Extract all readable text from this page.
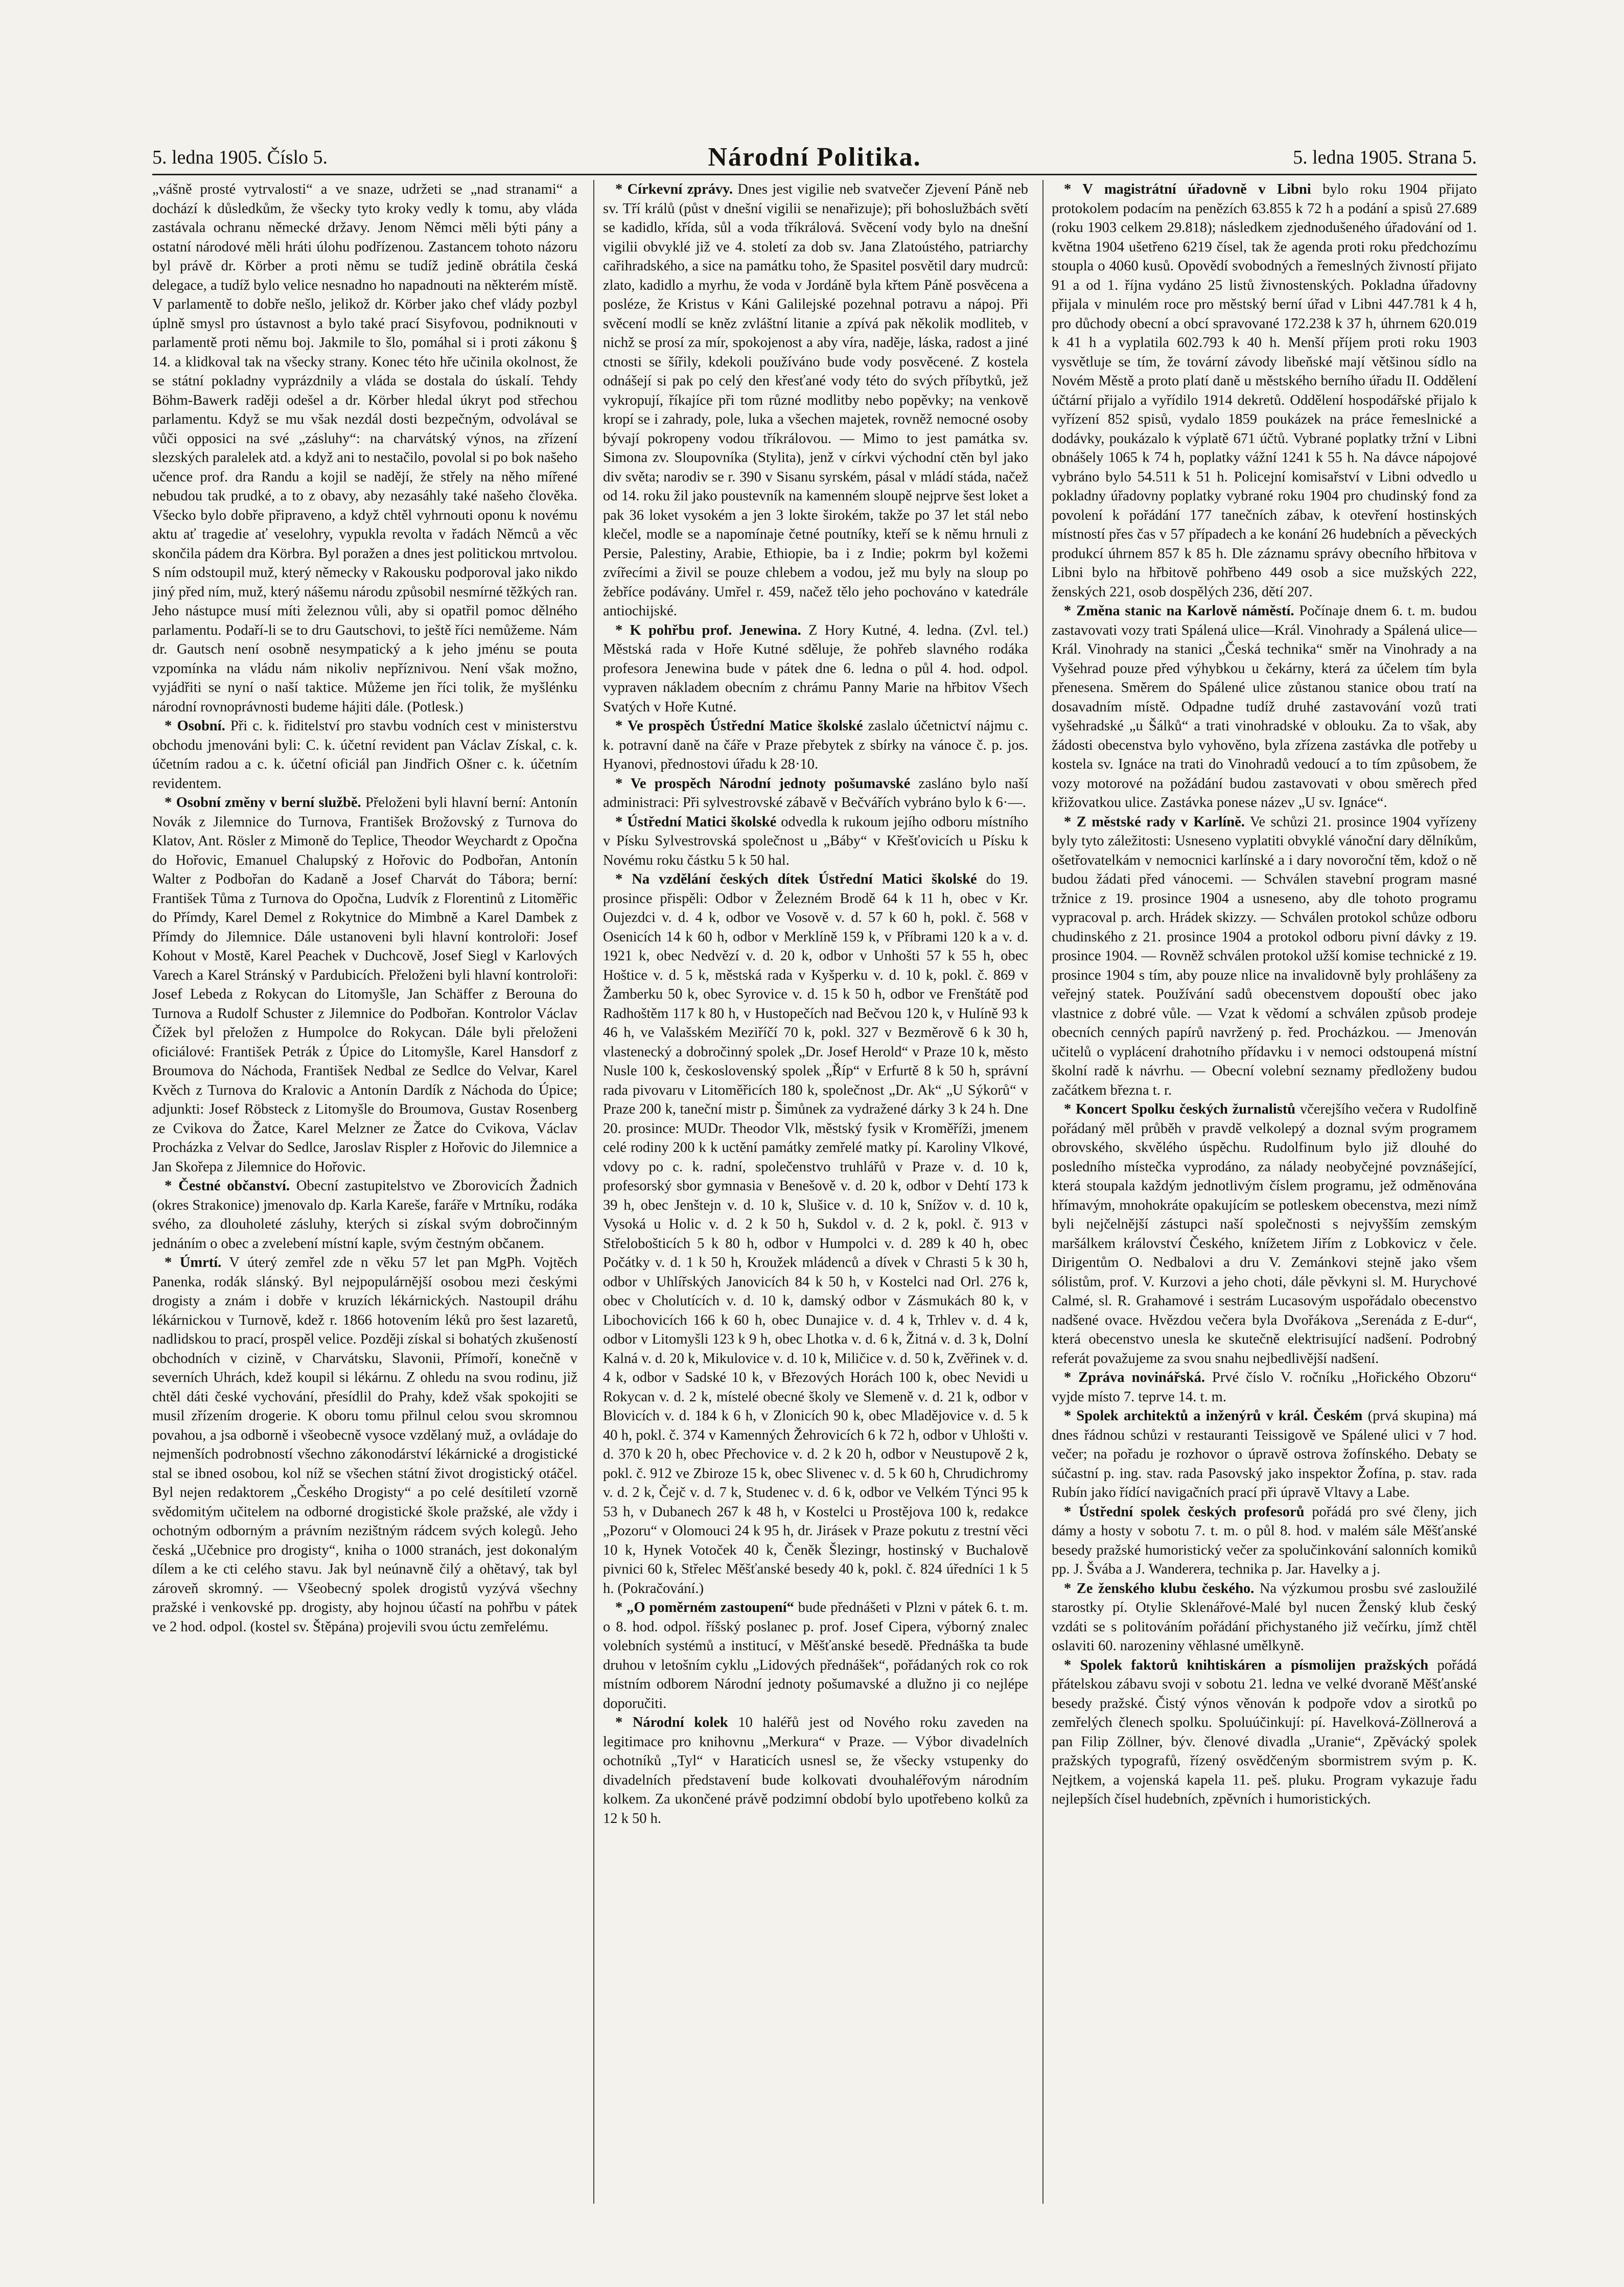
5. ledna 1905. Číslo 5.	Národní Politika.	5. ledna 1905. Strana 5.

„vášně prosté vytrvalosti“ a ve snaze, udržeti se „nad stranami“ a dochází k důsledkům, že všecky tyto kroky vedly k tomu, aby vláda zastávala ochranu německé državy. Jenom Němci měli býti pány a ostatní národové měli hráti úlohu podřízenou. Zastancem tohoto názoru byl právě dr. Körber a proti němu se tudíž jedině obrátila česká delegace, a tudíž bylo velice nesnadno ho napadnouti na některém místě. V parlamentě to dobře nešlo, jelikož dr. Körber jako chef vlády pozbyl úplně smysl pro ústavnost a bylo také prací Sisyfovou, podniknouti v parlamentě proti němu boj. Jakmile to šlo, pomáhal si i proti zákonu § 14. a klidkoval tak na všecky strany. Konec této hře učinila okolnost, že se státní pokladny vyprázdnily a vláda se dostala do úskalí. Tehdy Böhm-Bawerk raději odešel a dr. Körber hledal úkryt pod střechou parlamentu. Když se mu však nezdál dosti bezpečným, odvolával se vůči opposici na své „zásluhy“: na charvátský výnos, na zřízení slezských paralelek atd. a když ani to nestačilo, povolal si po bok našeho učence prof. dra Randu a kojil se nadějí, že střely na něho mířené nebudou tak prudké, a to z obavy, aby nezasáhly také našeho člověka. Všecko bylo dobře připraveno, a když chtěl vyhrnouti oponu k novému aktu ať tragedie ať veselohry, vypukla revolta v řadách Němců a věc skončila pádem dra Körbra. Byl poražen a dnes jest politickou mrtvolou. S ním odstoupil muž, který německy v Rakousku podporoval jako nikdo jiný před ním, muž, který nášemu národu způsobil nesmírné těžkých ran. Jeho nástupce musí míti železnou vůli, aby si opatřil pomoc dělného parlamentu. Podaří-li se to dru Gautschovi, to ještě říci nemůžeme. Nám dr. Gautsch není osobně nesympatický a k jeho jménu se pouta vzpomínka na vládu nám nikoliv nepříznivou. Není však možno, vyjádřiti se nyní o naší taktice. Můžeme jen říci tolik, že myšlénku národní rovnoprávnosti budeme hájiti dále. (Potlesk.)

* Osobní. Při c. k. řiditelství pro stavbu vodních cest v ministerstvu obchodu jmenováni byli: C. k. účetní revident pan Václav Získal, c. k. účetním radou a c. k. účetní oficiál pan Jindřich Ošner c. k. účetním revidentem.

* Osobní změny v berní službě. Přeloženi byli hlavní berní: Antonín Novák z Jilemnice do Turnova, František Brožovský z Turnova do Klatov, Ant. Rösler z Mimoně do Teplice, Theodor Weychardt z Opočna do Hořovic, Emanuel Chalupský z Hořovic do Podbořan, Antonín Walter z Podbořan do Kadaně a Josef Charvát do Tábora; berní: František Tůma z Turnova do Opočna, Ludvík z Florentinů z Litoměřic do Přímdy, Karel Demel z Rokytnice do Mimbně a Karel Dambek z Přímdy do Jilemnice. Dále ustanoveni byli hlavní kontroloři: Josef Kohout v Mostě, Karel Peachek v Duchcově, Josef Siegl v Karlových Varech a Karel Stránský v Pardubicích. Přeloženi byli hlavní kontroloři: Josef Lebeda z Rokycan do Litomyšle, Jan Schäffer z Berouna do Turnova a Rudolf Schuster z Jilemnice do Podbořan. Kontrolor Václav Čížek byl přeložen z Humpolce do Rokycan. Dále byli přeloženi oficiálové: František Petrák z Úpice do Litomyšle, Karel Hansdorf z Broumova do Náchoda, František Nedbal ze Sedlce do Velvar, Karel Kvěch z Turnova do Kralovic a Antonín Dardík z Náchoda do Úpice; adjunkti: Josef Röbsteck z Litomyšle do Broumova, Gustav Rosenberg ze Cvikova do Žatce, Karel Melzner ze Žatce do Cvikova, Václav Procházka z Velvar do Sedlce, Jaroslav Rispler z Hořovic do Jilemnice a Jan Skořepa z Jilemnice do Hořovic.

* Čestné občanství. Obecní zastupitelstvo ve Zborovicích Žadnich (okres Strakonice) jmenovalo dp. Karla Kareše, faráře v Mrtníku, rodáka svého, za dlouholeté zásluhy, kterých si získal svým dobročinným jednáním o obec a zvelebení místní kaple, svým čestným občanem.

* Úmrtí. V úterý zemřel zde n věku 57 let pan MgPh. Vojtěch Panenka, rodák slánský. Byl nejpopulárnější osobou mezi českými drogisty a znám i dobře v kruzích lékárnických. Nastoupil dráhu lékárnickou v Turnově, kdež r. 1866 hotovením léků pro šest lazaretů, nadlidskou to prací, prospěl velice. Později získal si bohatých zkušeností obchodních v cizině, v Charvátsku, Slavonii, Přímoří, konečně v severních Uhrách, kdež koupil si lékárnu. Z ohledu na svou rodinu, již chtěl dáti české vychování, přesídlil do Prahy, kdež však spokojiti se musil zřízením drogerie. K oboru tomu přilnul celou svou skromnou povahou, a jsa odborně i všeobecně vysoce vzdělaný muž, a ovládaje do nejmenších podrobností všechno zákonodárství lékárnické a drogistické stal se ibned osobou, kol níž se všechen státní život drogistický otáčel. Byl nejen redaktorem „Českého Drogisty“ a po celé desítiletí vzorně svědomitým učitelem na odborné drogistické škole pražské, ale vždy i ochotným odborným a právním nezištným rádcem svých kolegů. Jeho česká „Učebnice pro drogisty“, kniha o 1000 stranách, jest dokonalým dílem a ke cti celého stavu. Jak byl neúnavně čilý a ohětavý, tak byl zároveň skromný. — Všeobecný spolek drogistů vyzývá všechny pražské i venkovské pp. drogisty, aby hojnou účastí na pohřbu v pátek ve 2 hod. odpol. (kostel sv. Štěpána) projevili svou úctu zemřelému.

* Církevní zprávy. Dnes jest vigilie neb svatvečer Zjevení Páně neb sv. Tří králů (půst v dnešní vigilii se nenařizuje); při bohoslužbách světí se kadidlo, křída, sůl a voda tříkrálová. Svěcení vody bylo na dnešní vigilii obvyklé již ve 4. století za dob sv. Jana Zlatoústého, patriarchy cařihradského, a sice na památku toho, že Spasitel posvětil dary mudrců: zlato, kadidlo a myrhu, že voda v Jordáně byla křtem Páně posvěcena a posléze, že Kristus v Káni Galilejské pozehnal potravu a nápoj. Při svěcení modlí se kněz zvláštní litanie a zpívá pak několik modliteb, v nichž se prosí za mír, spokojenost a aby víra, naděje, láska, radost a jiné ctnosti se šířily, kdekoli používáno bude vody posvěcené. Z kostela odnášejí si pak po celý den křesťané vody této do svých příbytků, jež vykropují, říkajíce při tom různé modlitby nebo popěvky; na venkově kropí se i zahrady, pole, luka a všechen majetek, rovněž nemocné osoby bývají pokropeny vodou tříkrálovou. — Mimo to jest památka sv. Simona zv. Sloupovníka (Stylita), jenž v církvi východní ctěn byl jako div světa; narodiv se r. 390 v Sisanu syrském, pásal v mládí stáda, načež od 14. roku žil jako poustevník na kamenném sloupě nejprve šest loket a pak 36 loket vysokém a jen 3 lokte širokém, takže po 37 let stál nebo klečel, modle se a napomínaje četné poutníky, kteří se k němu hrnuli z Persie, Palestiny, Arabie, Ethiopie, ba i z Indie; pokrm byl kožemi zvířecími a živil se pouze chlebem a vodou, jež mu byly na sloup po žebříce podávány. Umřel r. 459, načež tělo jeho pochováno v katedrále antiochijské.

* K pohřbu prof. Jenewina. Z Hory Kutné, 4. ledna. (Zvl. tel.) Městská rada v Hoře Kutné sděluje, že pohřeb slavného rodáka profesora Jenewina bude v pátek dne 6. ledna o půl 4. hod. odpol. vypraven nákladem obecním z chrámu Panny Marie na hřbitov Všech Svatých v Hoře Kutné.

* Ve prospěch Ústřední Matice školské zaslalo účetnictví nájmu c. k. potravní daně na čáře v Praze přebytek z sbírky na vánoce č. p. jos. Hyanovi, přednostovi úřadu k 28·10.

* Ve prospěch Národní jednoty pošumavské zasláno bylo naší administraci: Při sylvestrovské zábavě v Bečvářích vybráno bylo k 6·—.

* Ústřední Matici školské odvedla k rukoum jejího odboru místního v Písku Sylvestrovská společnost u „Báby“ v Křešťovicích u Písku k Novému roku částku 5 k 50 hal.

* Na vzdělání českých dítek Ústřední Matici školské do 19. prosince přispěli: Odbor v Železném Brodě 64 k 11 h, obec v Kr. Oujezdci v. d. 4 k, odbor ve Vosově v. d. 57 k 60 h, pokl. č. 568 v Osenicích 14 k 60 h, odbor v Merklíně 159 k, v Příbrami 120 k a v. d. 1921 k, obec Nedvězí v. d. 20 k, odbor v Unhošti 57 k 55 h, obec Hoštice v. d. 5 k, městská rada v Kyšperku v. d. 10 k, pokl. č. 869 v Žamberku 50 k, obec Syrovice v. d. 15 k 50 h, odbor ve Frenštátě pod Radhoštěm 117 k 80 h, v Hustopečích nad Bečvou 120 k, v Hulíně 93 k 46 h, ve Valašském Meziříčí 70 k, pokl. 327 v Bezměrově 6 k 30 h, vlastenecký a dobročinný spolek „Dr. Josef Herold“ v Praze 10 k, město Nusle 100 k, československý spolek „Říp“ v Erfurtě 8 k 50 h, správní rada pivovaru v Litoměřicích 180 k, společnost „Dr. Ak“ „U Sýkorů“ v Praze 200 k, taneční mistr p. Šimůnek za vydražené dárky 3 k 24 h. Dne 20. prosince: MUDr. Theodor Vlk, městský fysik v Kroměříži, jmenem celé rodiny 200 k k uctění památky zemřelé matky pí. Karoliny Vlkové, vdovy po c. k. radní, společenstvo truhlářů v Praze v. d. 10 k, profesorský sbor gymnasia v Benešově v. d. 20 k, odbor v Dehtí 173 k 39 h, obec Jenštejn v. d. 10 k, Slušice v. d. 10 k, Snížov v. d. 10 k, Vysoká u Holic v. d. 2 k 50 h, Sukdol v. d. 2 k, pokl. č. 913 v Střelobošticích 5 k 80 h, odbor v Humpolci v. d. 289 k 40 h, obec Počátky v. d. 1 k 50 h, Kroužek mládenců a dívek v Chrasti 5 k 30 h, odbor v Uhlířských Janovicích 84 k 50 h, v Kostelci nad Orl. 276 k, obec v Cholutících v. d. 10 k, damský odbor v Zásmukách 80 k, v Libochovicích 166 k 60 h, obec Dunajice v. d. 4 k, Trhlev v. d. 4 k, odbor v Litomyšli 123 k 9 h, obec Lhotka v. d. 6 k, Žitná v. d. 3 k, Dolní Kalná v. d. 20 k, Mikulovice v. d. 10 k, Miličice v. d. 50 k, Zvěřinek v. d. 4 k, odbor v Sadské 10 k, v Březových Horách 100 k, obec Nevidi u Rokycan v. d. 2 k, místelé obecné školy ve Slemeně v. d. 21 k, odbor v Blovicích v. d. 184 k 6 h, v Zlonicích 90 k, obec Mladějovice v. d. 5 k 40 h, pokl. č. 374 v Kamenných Žehrovicích 6 k 72 h, odbor v Uhlošti v. d. 370 k 20 h, obec Přechovice v. d. 2 k 20 h, odbor v Neustupově 2 k, pokl. č. 912 ve Zbiroze 15 k, obec Slivenec v. d. 5 k 60 h, Chrudichromy v. d. 2 k, Čejč v. d. 7 k, Studenec v. d. 6 k, odbor ve Velkém Týnci 95 k 53 h, v Dubanech 267 k 48 h, v Kostelci u Prostějova 100 k, redakce „Pozoru“ v Olomouci 24 k 95 h, dr. Jirásek v Praze pokutu z trestní věci 10 k, Hynek Votoček 40 k, Čeněk Šlezingr, hostinský v Buchalově pivnici 60 k, Střelec Měšťanské besedy 40 k, pokl. č. 824 úředníci 1 k 5 h. (Pokračování.)

* „O poměrném zastoupení“ bude přednášeti v Plzni v pátek 6. t. m. o 8. hod. odpol. říšský poslanec p. prof. Josef Cipera, výborný znalec volebních systémů a institucí, v Měšťanské besedě. Přednáška ta bude druhou v letošním cyklu „Lidových přednášek“, pořádaných rok co rok místním odborem Národní jednoty pošumavské a dlužno ji co nejlépe doporučiti.

* Národní kolek 10 haléřů jest od Nového roku zaveden na legitimace pro knihovnu „Merkura“ v Praze. — Výbor divadelních ochotníků „Tyl“ v Haraticích usnesl se, že všecky vstupenky do divadelních představení bude kolkovati dvouhaléřovým národním kolkem. Za ukončené právě podzimní období bylo upotřebeno kolků za 12 k 50 h.

* V magistrátní úřadovně v Libni bylo roku 1904 přijato protokolem podacím na penězích 63.855 k 72 h a podání a spisů 27.689 (roku 1903 celkem 29.818); následkem zjednodušeného úřadování od 1. května 1904 ušetřeno 6219 čísel, tak že agenda proti roku předchozímu stoupla o 4060 kusů. Opovědí svobodných a řemeslných živností přijato 91 a od 1. října vydáno 25 listů živnostenských. Pokladna úřadovny přijala v minulém roce pro městský berní úřad v Libni 447.781 k 4 h, pro důchody obecní a obcí spravované 172.238 k 37 h, úhrnem 620.019 k 41 h a vyplatila 602.793 k 40 h. Menší příjem proti roku 1903 vysvětluje se tím, že tovární závody libeňské mají většinou sídlo na Novém Městě a proto platí daně u městského berního úřadu II. Oddělení účtární přijalo a vyřídilo 1914 dekretů. Oddělení hospodářské přijalo k vyřízení 852 spisů, vydalo 1859 poukázek na práce řemeslnické a dodávky, poukázalo k výplatě 671 účtů. Vybrané poplatky tržní v Libni obnášely 1065 k 74 h, poplatky vážní 1241 k 55 h. Na dávce nápojové vybráno bylo 54.511 k 51 h. Policejní komisařství v Libni odvedlo u pokladny úřadovny poplatky vybrané roku 1904 pro chudinský fond za povolení k pořádání 177 tanečních zábav, k otevření hostinských místností přes čas v 57 případech a ke konání 26 hudebních a pěveckých produkcí úhrnem 857 k 85 h. Dle záznamu správy obecního hřbitova v Libni bylo na hřbitově pohřbeno 449 osob a sice mužských 222, ženských 221, osob dospělých 236, dětí 207.

* Změna stanic na Karlově náměstí. Počínaje dnem 6. t. m. budou zastavovati vozy trati Spálená ulice—Král. Vinohrady a Spálená ulice—Král. Vinohrady na stanici „Česká technika“ směr na Vinohrady a na Vyšehrad pouze před výhybkou u čekárny, která za účelem tím byla přenesena. Směrem do Spálené ulice zůstanou stanice obou tratí na dosavadním místě. Odpadne tudíž druhé zastavování vozů trati vyšehradské „u Šálků“ a trati vinohradské v oblouku. Za to však, aby žádosti obecenstva bylo vyhověno, byla zřízena zastávka dle potřeby u kostela sv. Ignáce na trati do Vinohradů vedoucí a to tím způsobem, že vozy motorové na požádání budou zastavovati v obou směrech před křižovatkou ulice. Zastávka ponese název „U sv. Ignáce“.

* Z městské rady v Karlíně. Ve schůzi 21. prosince 1904 vyřízeny byly tyto záležitosti: Usneseno vyplatiti obvyklé vánoční dary dělníkům, ošetřovatelkám v nemocnici karlínské a i dary novoroční těm, kdož o ně budou žádati před vánocemi. — Schválen stavební program masné tržnice z 19. prosince 1904 a usneseno, aby dle tohoto programu vypracoval p. arch. Hrádek skizzy. — Schválen protokol schůze odboru chudinského z 21. prosince 1904 a protokol odboru pivní dávky z 19. prosince 1904. — Rovněž schválen protokol užší komise technické z 19. prosince 1904 s tím, aby pouze nlice na invalidovně byly prohlášeny za veřejný statek. Používání sadů obecenstvem dopouští obec jako vlastnice z dobré vůle. — Vzat k vědomí a schválen způsob prodeje obecních cenných papírů navržený p. řed. Procházkou. — Jmenován učitelů o vyplácení drahotního přídavku i v nemoci odstoupená místní školní radě k návrhu. — Obecní volební seznamy předloženy budou začátkem března t. r.

* Koncert Spolku českých žurnalistů včerejšího večera v Rudolfině pořádaný měl průběh v pravdě velkolepý a doznal svým programem obrovského, skvělého úspěchu. Rudolfinum bylo již dlouhé do posledního místečka vyprodáno, za nálady neobyčejné povznášející, která stoupala každým jednotlivým číslem programu, jež odměnována hřímavým, mnohokráte opakujícím se potleskem obecenstva, mezi nímž byli nejčelnější zástupci naší společnosti s nejvyšším zemským maršálkem království Českého, knížetem Jiřím z Lobkovicz v čele. Dirigentům O. Nedbalovi a dru V. Zemánkovi stejně jako všem sólistům, prof. V. Kurzovi a jeho choti, dále pěvkyni sl. M. Hurychové Calmé, sl. R. Grahamové i sestrám Lucasovým uspořádalo obecenstvo nadšené ovace. Hvězdou večera byla Dvořákova „Serenáda z E-dur“, která obecenstvo unesla ke skutečně elektrisující nadšení. Podrobný referát považujeme za svou snahu nejbedlivější nadšení.

* Zpráva novinářská. Prvé číslo V. ročníku „Hořického Obzoru“ vyjde místo 7. teprve 14. t. m.

* Spolek architektů a inženýrů v král. Českém (prvá skupina) má dnes řádnou schůzi v restauranti Teissigově ve Spálené ulici v 7 hod. večer; na pořadu je rozhovor o úpravě ostrova žofínského. Debaty se súčastní p. ing. stav. rada Pasovský jako inspektor Žofína, p. stav. rada Rubín jako řídící navigačních prací při úpravě Vltavy a Labe.

* Ústřední spolek českých profesorů pořádá pro své členy, jich dámy a hosty v sobotu 7. t. m. o půl 8. hod. v malém sále Měšťanské besedy pražské humoristický večer za spolučinkování salonních komiků pp. J. Švába a J. Wanderera, technika p. Jar. Havelky a j.

* Ze ženského klubu českého. Na výzkumou prosbu své zasloužilé starostky pí. Otylie Sklenářové-Malé byl nucen Ženský klub český vzdáti se s politováním pořádání přichystaného již večírku, jímž chtěl oslaviti 60. narozeniny věhlasné umělkyně.

* Spolek faktorů knihtiskáren a písmolijen pražských pořádá přátelskou zábavu svoji v sobotu 21. ledna ve velké dvoraně Měšťanské besedy pražské. Čistý výnos věnován k podpoře vdov a sirotků po zemřelých členech spolku. Spoluúčinkují: pí. Havelková-Zöllnerová a pan Filip Zöllner, býv. členové divadla „Uranie“, Zpěvácký spolek pražských typografů, řízený osvědčeným sbormistrem svým p. K. Nejtkem, a vojenská kapela 11. peš. pluku. Program vykazuje řadu nejlepších čísel hudebních, zpěvních i humoristických.
